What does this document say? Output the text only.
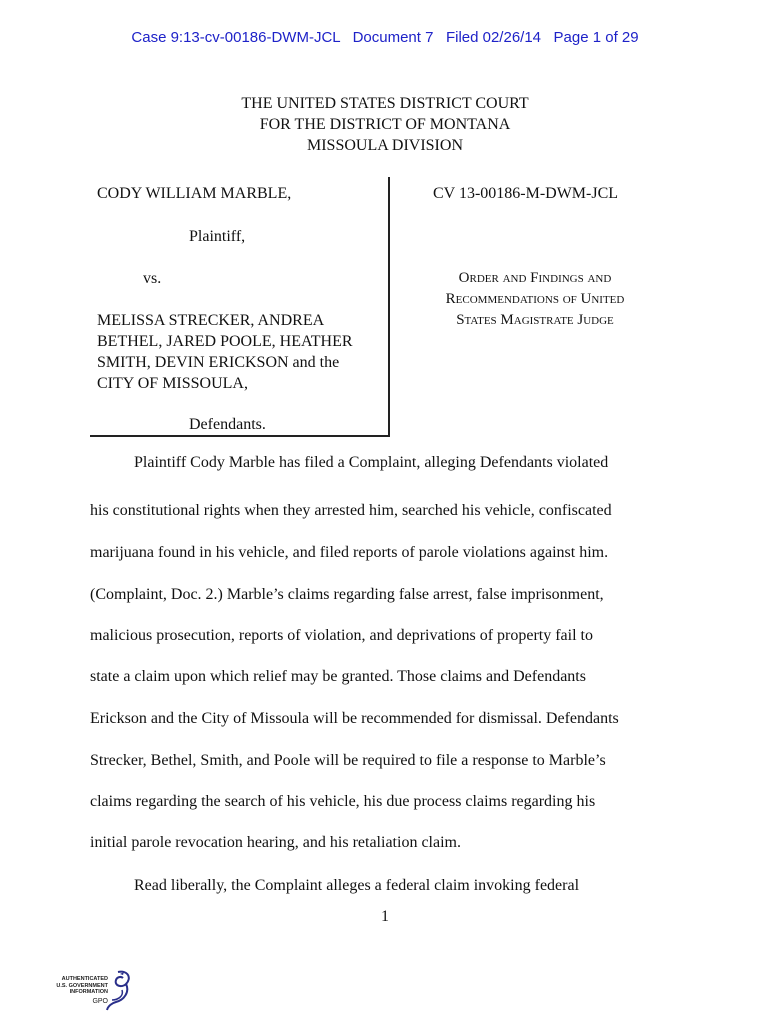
Case 9:13-cv-00186-DWM-JCL   Document 7   Filed 02/26/14   Page 1 of 29
THE UNITED STATES DISTRICT COURT
FOR THE DISTRICT OF MONTANA
MISSOULA DIVISION
CODY WILLIAM MARBLE,
Plaintiff,
vs.
MELISSA STRECKER, ANDREA
BETHEL, JARED POOLE, HEATHER
SMITH, DEVIN ERICKSON and the
CITY OF MISSOULA,
Defendants.
CV 13-00186-M-DWM-JCL
Order and Findings and
Recommendations of United
States Magistrate Judge
Plaintiff Cody Marble has filed a Complaint, alleging Defendants violated
his constitutional rights when they arrested him, searched his vehicle, confiscated
marijuana found in his vehicle, and filed reports of parole violations against him.
(Complaint, Doc. 2.) Marble’s claims regarding false arrest, false imprisonment,
malicious prosecution, reports of violation, and deprivations of property fail to
state a claim upon which relief may be granted. Those claims and Defendants
Erickson and the City of Missoula will be recommended for dismissal. Defendants
Strecker, Bethel, Smith, and Poole will be required to file a response to Marble’s
claims regarding the search of his vehicle, his due process claims regarding his
initial parole revocation hearing, and his retaliation claim.
Read liberally, the Complaint alleges a federal claim invoking federal
1
AUTHENTICATED
U.S. GOVERNMENT
INFORMATION
GPO
